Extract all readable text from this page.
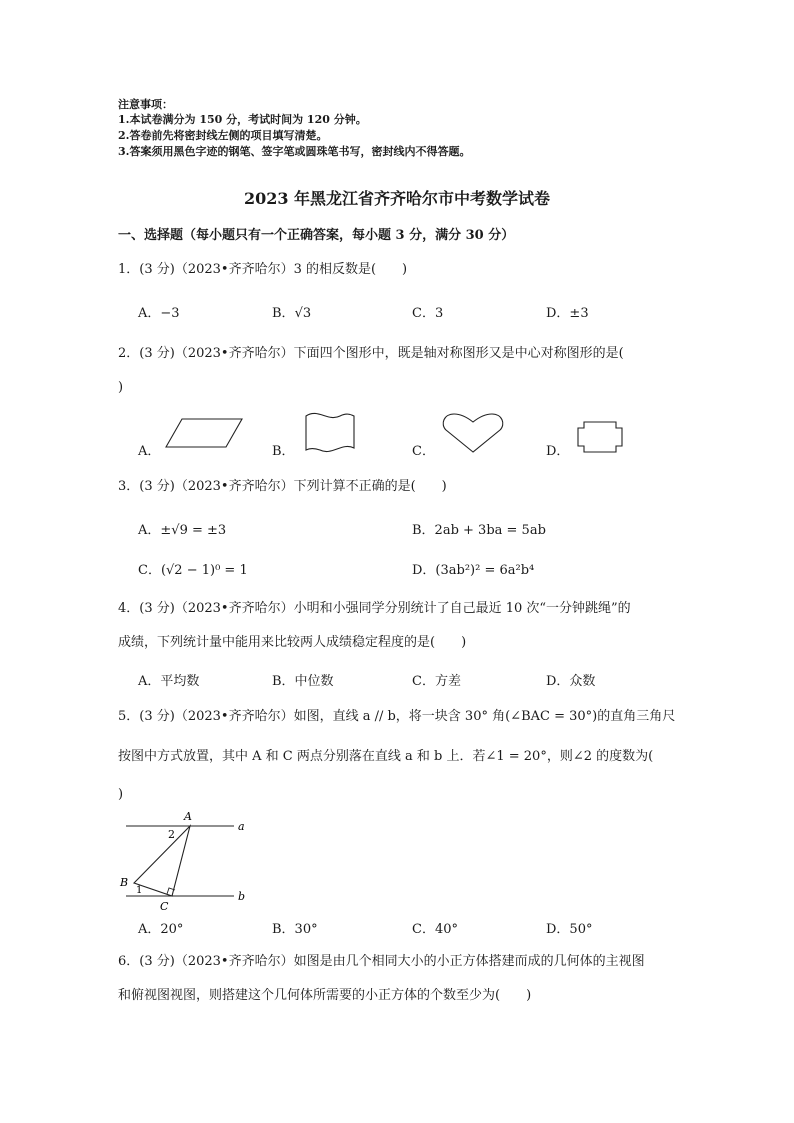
注意事项：
1.本试卷满分为 150 分，考试时间为 120 分钟。
2.答卷前先将密封线左侧的项目填写清楚。
3.答案须用黑色字迹的钢笔、签字笔或圆珠笔书写，密封线内不得答题。
2023 年黑龙江省齐齐哈尔市中考数学试卷
一、选择题（每小题只有一个正确答案，每小题 3 分，满分 30 分）
1．(3 分)（2023•齐齐哈尔）3 的相反数是(　　)
A．−3	B．√3	C．3	D．±3
2．(3 分)（2023•齐齐哈尔）下面四个图形中，既是轴对称图形又是中心对称图形的是(
)
A．	B．	C．	D．
3．(3 分)（2023•齐齐哈尔）下列计算不正确的是(　　)
A．±√9 = ±3	B．2ab + 3ba = 5ab
C．(√2 − 1)⁰ = 1	D．(3ab²)² = 6a²b⁴
4．(3 分)（2023•齐齐哈尔）小明和小强同学分别统计了自己最近 10 次“一分钟跳绳”的
成绩，下列统计量中能用来比较两人成绩稳定程度的是(　　)
A．平均数	B．中位数	C．方差	D．众数
5．(3 分)（2023•齐齐哈尔）如图，直线 a // b，将一块含 30° 角(∠BAC = 30°)的直角三角尺
按图中方式放置，其中 A 和 C 两点分别落在直线 a 和 b 上．若∠1 = 20°，则∠2 的度数为(
)
A
B
C
a
b
1
2
A．20°	B．30°	C．40°	D．50°
6．(3 分)（2023•齐齐哈尔）如图是由几个相同大小的小正方体搭建而成的几何体的主视图
和俯视图视图，则搭建这个几何体所需要的小正方体的个数至少为(　　)
